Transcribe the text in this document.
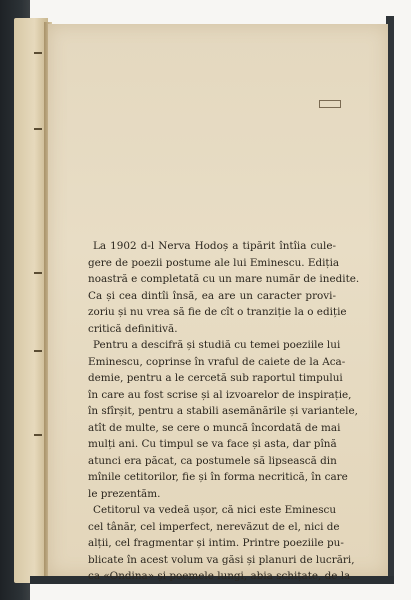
La 1902 d-l Nerva Hodoș a tipărit întîia cule-
gere de poezii postume ale lui Eminescu. Ediția
noastră e completată cu un mare număr de inedite.
Ca și cea dintîi însă, ea are un caracter provi-
zoriu și nu vrea să fie de cît o tranziție la o ediție
critică definitivă.
Pentru a descifră și studiă cu temei poeziile lui
Eminescu, coprinse în vraful de caiete de la Aca-
demie, pentru a le cercetă sub raportul timpului
în care au fost scrise și al izvoarelor de inspirație,
în sfîrșit, pentru a stabili asemănările și variantele,
atît de multe, se cere o muncă încordată de mai
mulți ani. Cu timpul se va face și asta, dar pînă
atunci era păcat, ca postumele să lipsească din
mînile cetitorilor, fie și în forma necritică, în care
le prezentăm.
Cetitorul va vedeă ușor, că nici este Eminescu
cel tânăr, cel imperfect, nerevăzut de el, nici de
alții, cel fragmentar și intim. Printre poeziile pu-
blicate în acest volum va găsi și planuri de lucrări,
ca «Ondina» și poemele lungi, abia schițate, de la
